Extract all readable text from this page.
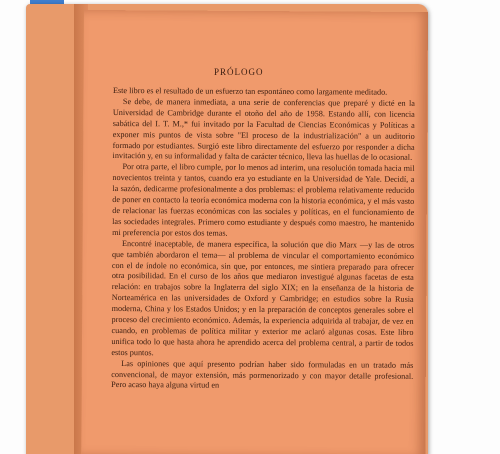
PRÓLOGO

Este libro es el resultado de un esfuerzo tan espontáneo como largamente meditado.

Se debe, de manera inmediata, a una serie de conferencias que preparé y dicté en la Universidad de Cambridge durante el otoño del año de 1958. Estando allí, con licencia sabática del I. T. M.,* fui invitado por la Facultad de Ciencias Económicas y Políticas a exponer mis puntos de vista sobre "El proceso de la industrialización" a un auditorio formado por estudiantes. Surgió este libro directamente del esfuerzo por responder a dicha invitación y, en su informalidad y falta de carácter técnico, lleva las huellas de lo ocasional.

Por otra parte, el libro cumple, por lo menos ad interim, una resolución tomada hacia mil novecientos treinta y tantos, cuando era yo estudiante en la Universidad de Yale. Decidí, a la sazón, dedicarme profesionalmente a dos problemas: el problema relativamente reducido de poner en contacto la teoría económica moderna con la historia económica, y el más vasto de relacionar las fuerzas económicas con las sociales y políticas, en el funcionamiento de las sociedades integrales. Primero como estudiante y después como maestro, he mantenido mi preferencia por estos dos temas.

Encontré inaceptable, de manera específica, la solución que dio Marx —y las de otros que también abordaron el tema— al problema de vincular el comportamiento económico con el de índole no económica, sin que, por entonces, me sintiera preparado para ofrecer otra posibilidad. En el curso de los años que mediaron investigué algunas facetas de esta relación: en trabajos sobre la Inglaterra del siglo XIX; en la enseñanza de la historia de Norteamérica en las universidades de Oxford y Cambridge; en estudios sobre la Rusia moderna, China y los Estados Unidos; y en la preparación de conceptos generales sobre el proceso del crecimiento económico. Además, la experiencia adquirida al trabajar, de vez en cuando, en problemas de política militar y exterior me aclaró algunas cosas. Este libro unifica todo lo que hasta ahora he aprendido acerca del problema central, a partir de todos estos puntos.

Las opiniones que aquí presento podrían haber sido formuladas en un tratado más convencional, de mayor extensión, más pormenorizado y con mayor detalle profesional. Pero acaso haya alguna virtud en
